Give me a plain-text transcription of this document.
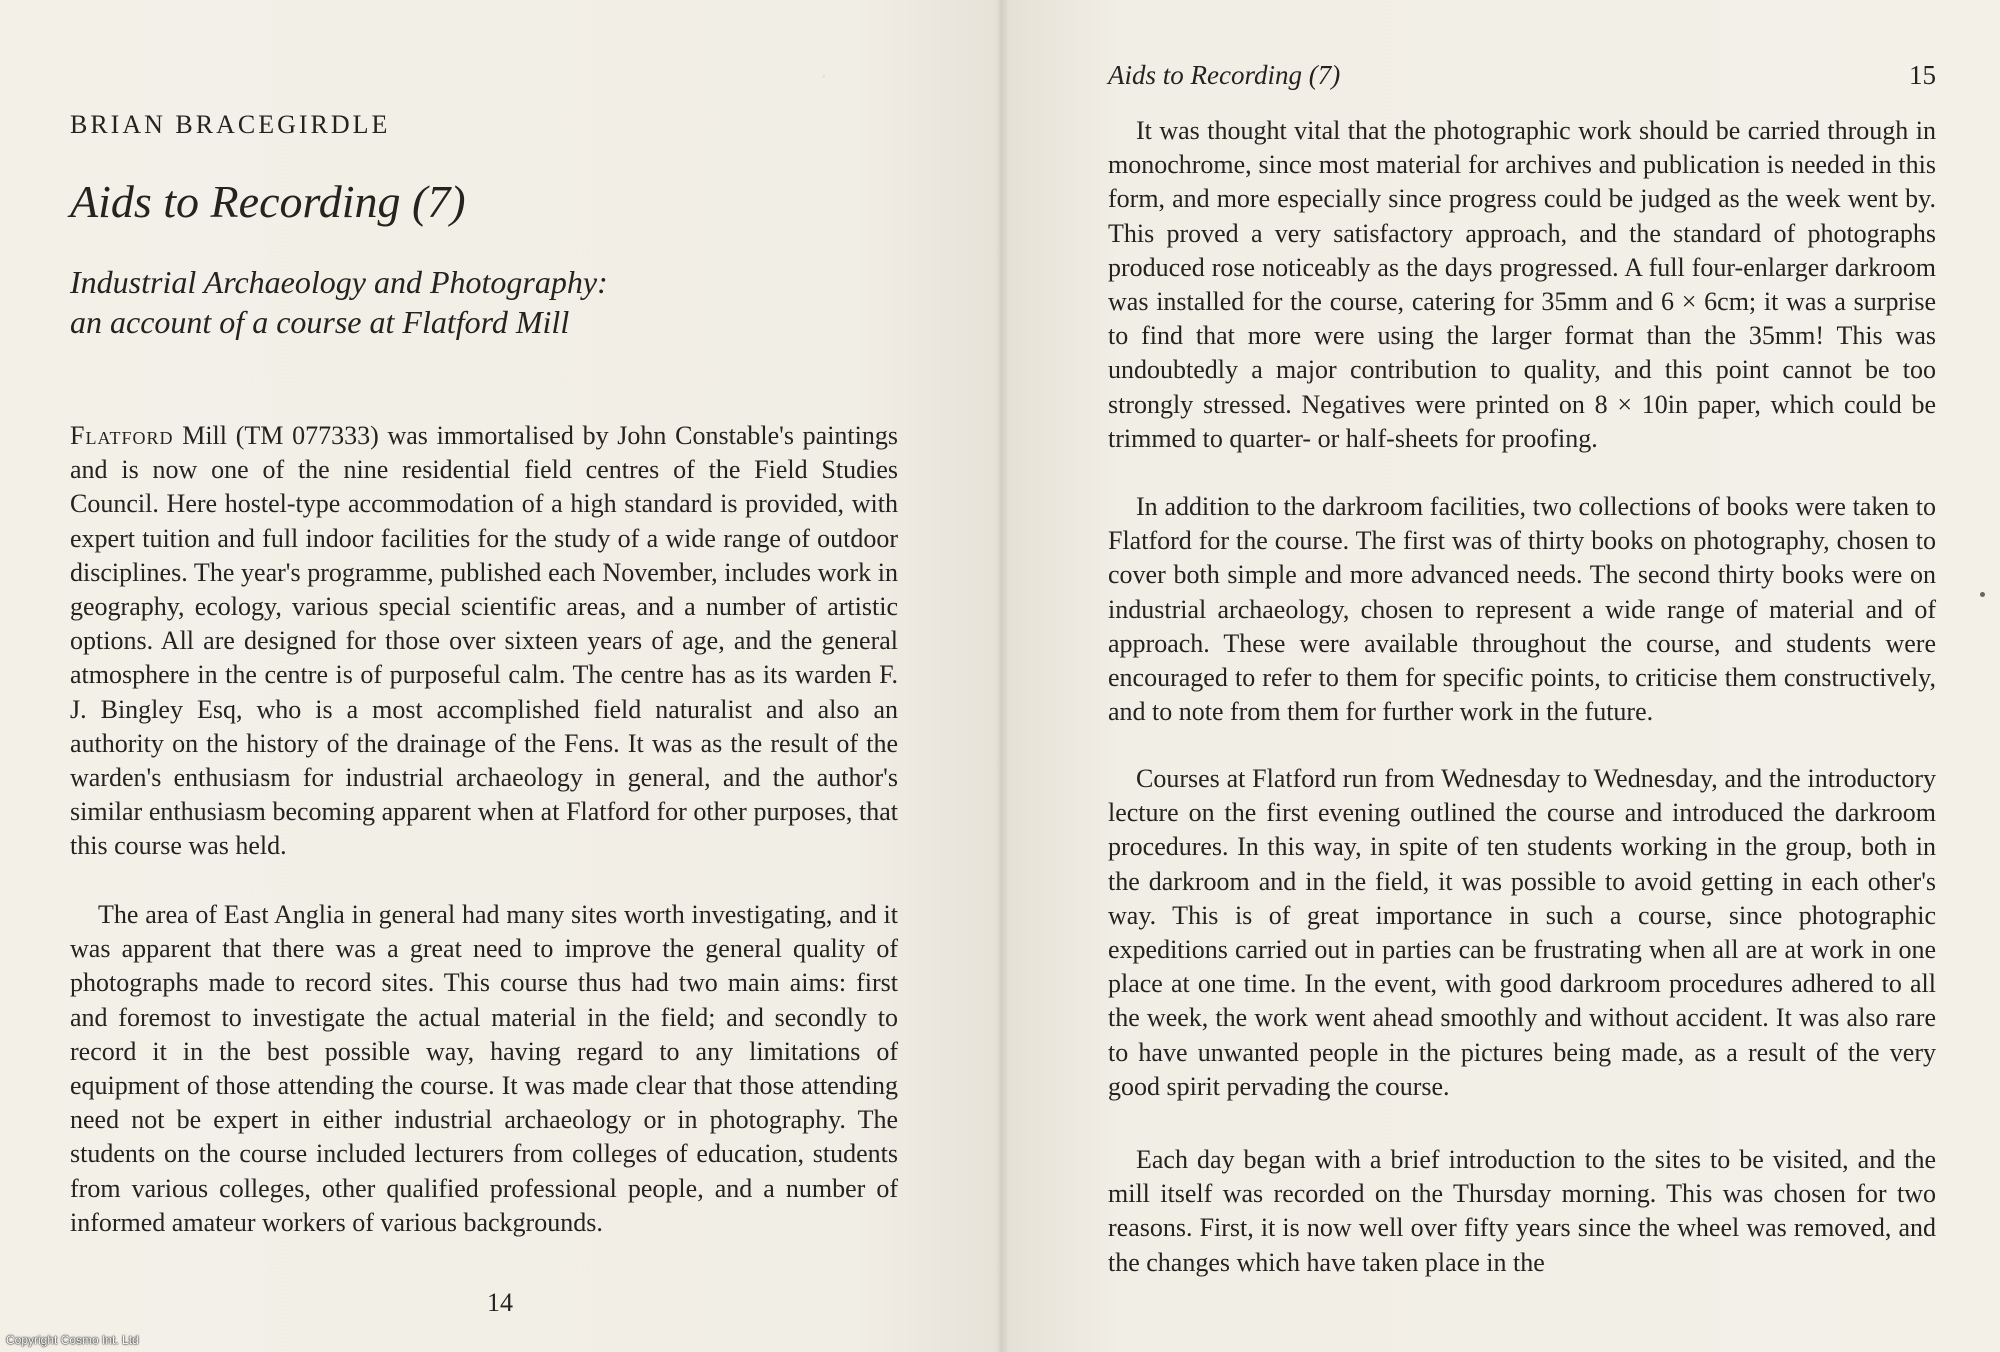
·
BRIAN BRACEGIRDLE
Aids to Recording (7)
Industrial Archaeology and Photography:
an account of a course at Flatford Mill

Flatford Mill (TM 077333) was immortalised by John Constable's paintings and is now one of the nine residential field centres of the Field Studies Council. Here hostel-type accommodation of a high standard is provided, with expert tuition and full indoor facilities for the study of a wide range of outdoor disciplines. The year's programme, published each November, includes work in geography, ecology, various special scientific areas, and a number of artistic options. All are designed for those over sixteen years of age, and the general atmosphere in the centre is of purposeful calm. The centre has as its warden F. J. Bingley Esq, who is a most accomplished field naturalist and also an authority on the history of the drainage of the Fens. It was as the result of the warden's enthusiasm for industrial archaeology in general, and the author's similar enthusiasm becoming apparent when at Flatford for other purposes, that this course was held.

The area of East Anglia in general had many sites worth investigating, and it was apparent that there was a great need to improve the general quality of photographs made to record sites. This course thus had two main aims: first and foremost to investigate the actual material in the field; and secondly to record it in the best possible way, having regard to any limitations of equipment of those attending the course. It was made clear that those attending need not be expert in either industrial archaeology or in photography. The students on the course included lecturers from colleges of education, students from various colleges, other qualified professional people, and a number of informed amateur workers of various backgrounds.

14
Aids to Recording (7)	15

It was thought vital that the photographic work should be carried through in monochrome, since most material for archives and publication is needed in this form, and more especially since progress could be judged as the week went by. This proved a very satisfactory approach, and the standard of photographs produced rose noticeably as the days progressed. A full four-enlarger darkroom was installed for the course, catering for 35mm and 6 × 6cm; it was a surprise to find that more were using the larger format than the 35mm! This was undoubtedly a major contribution to quality, and this point cannot be too strongly stressed. Negatives were printed on 8 × 10in paper, which could be trimmed to quarter- or half-sheets for proofing.

In addition to the darkroom facilities, two collections of books were taken to Flatford for the course. The first was of thirty books on photography, chosen to cover both simple and more advanced needs. The second thirty books were on industrial archaeology, chosen to represent a wide range of material and of approach. These were available throughout the course, and students were encouraged to refer to them for specific points, to criticise them constructively, and to note from them for further work in the future.

Courses at Flatford run from Wednesday to Wednesday, and the introductory lecture on the first evening outlined the course and introduced the darkroom procedures. In this way, in spite of ten students working in the group, both in the darkroom and in the field, it was possible to avoid getting in each other's way. This is of great importance in such a course, since photographic expeditions carried out in parties can be frustrating when all are at work in one place at one time. In the event, with good darkroom procedures adhered to all the week, the work went ahead smoothly and without accident. It was also rare to have unwanted people in the pictures being made, as a result of the very good spirit pervading the course.

Each day began with a brief introduction to the sites to be visited, and the mill itself was recorded on the Thursday morning. This was chosen for two reasons. First, it is now well over fifty years since the wheel was removed, and the changes which have taken place in the

Copyright Cosmo Int. Ltd
